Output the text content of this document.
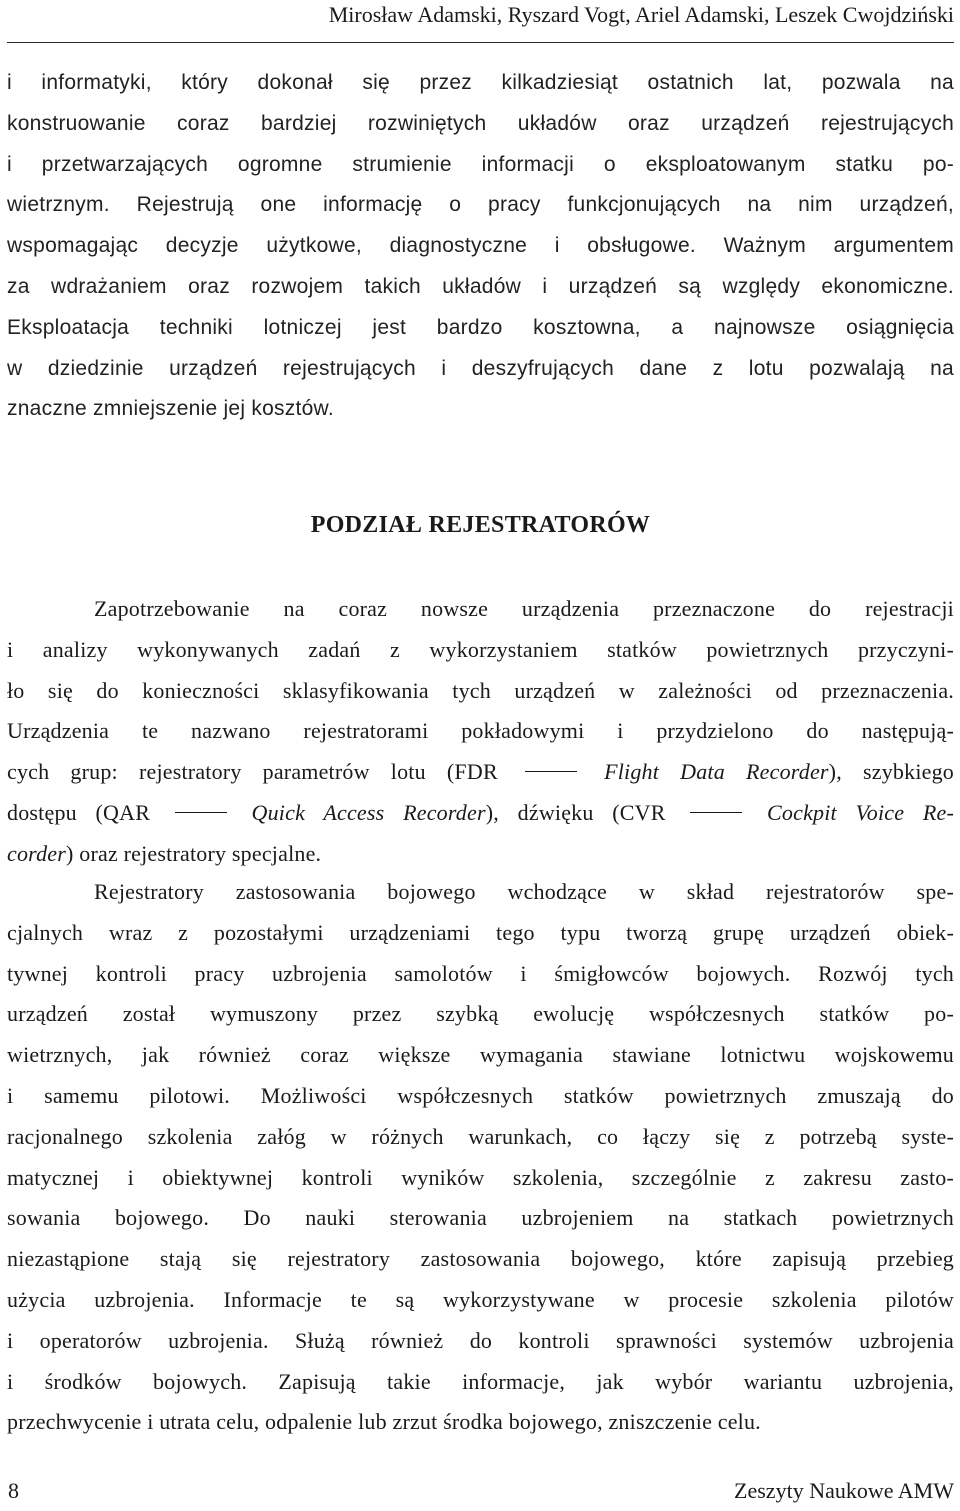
Mirosław Adamski, Ryszard Vogt, Ariel Adamski, Leszek Cwojdziński
i informatyki, który dokonał się przez kilkadziesiąt ostatnich lat, pozwala na
konstruowanie coraz bardziej rozwiniętych układów oraz urządzeń rejestrujących
i przetwarzających ogromne strumienie informacji o eksploatowanym statku po-
wietrznym. Rejestrują one informację o pracy funkcjonujących na nim urządzeń,
wspomagając decyzje użytkowe, diagnostyczne i obsługowe. Ważnym argumentem
za wdrażaniem oraz rozwojem takich układów i urządzeń są względy ekonomiczne.
Eksploatacja techniki lotniczej jest bardzo kosztowna, a najnowsze osiągnięcia
w dziedzinie urządzeń rejestrujących i deszyfrujących dane z lotu pozwalają na
znaczne zmniejszenie jej kosztów.
PODZIAŁ REJESTRATORÓW
Zapotrzebowanie na coraz nowsze urządzenia przeznaczone do rejestracji
i analizy wykonywanych zadań z wykorzystaniem statków powietrznych przyczyni-
ło się do konieczności sklasyfikowania tych urządzeń w zależności od przeznaczenia.
Urządzenia te nazwano rejestratorami pokładowymi i przydzielono do następują-
cych grup: rejestratory parametrów lotu (FDR	Flight Data Recorder), szybkiego
dostępu (QAR	Quick Access Recorder), dźwięku (CVR	Cockpit Voice Re-
corder) oraz rejestratory specjalne.
Rejestratory zastosowania bojowego wchodzące w skład rejestratorów spe-
cjalnych wraz z pozostałymi urządzeniami tego typu tworzą grupę urządzeń obiek-
tywnej kontroli pracy uzbrojenia samolotów i śmigłowców bojowych. Rozwój tych
urządzeń został wymuszony przez szybką ewolucję współczesnych statków po-
wietrznych, jak również coraz większe wymagania stawiane lotnictwu wojskowemu
i samemu pilotowi. Możliwości współczesnych statków powietrznych zmuszają do
racjonalnego szkolenia załóg w różnych warunkach, co łączy się z potrzebą syste-
matycznej i obiektywnej kontroli wyników szkolenia, szczególnie z zakresu zasto-
sowania bojowego. Do nauki sterowania uzbrojeniem na statkach powietrznych
niezastąpione stają się rejestratory zastosowania bojowego, które zapisują przebieg
użycia uzbrojenia. Informacje te są wykorzystywane w procesie szkolenia pilotów
i operatorów uzbrojenia. Służą również do kontroli sprawności systemów uzbrojenia
i środków bojowych. Zapisują takie informacje, jak wybór wariantu uzbrojenia,
przechwycenie i utrata celu, odpalenie lub zrzut środka bojowego, zniszczenie celu.
8	Zeszyty Naukowe AMW
